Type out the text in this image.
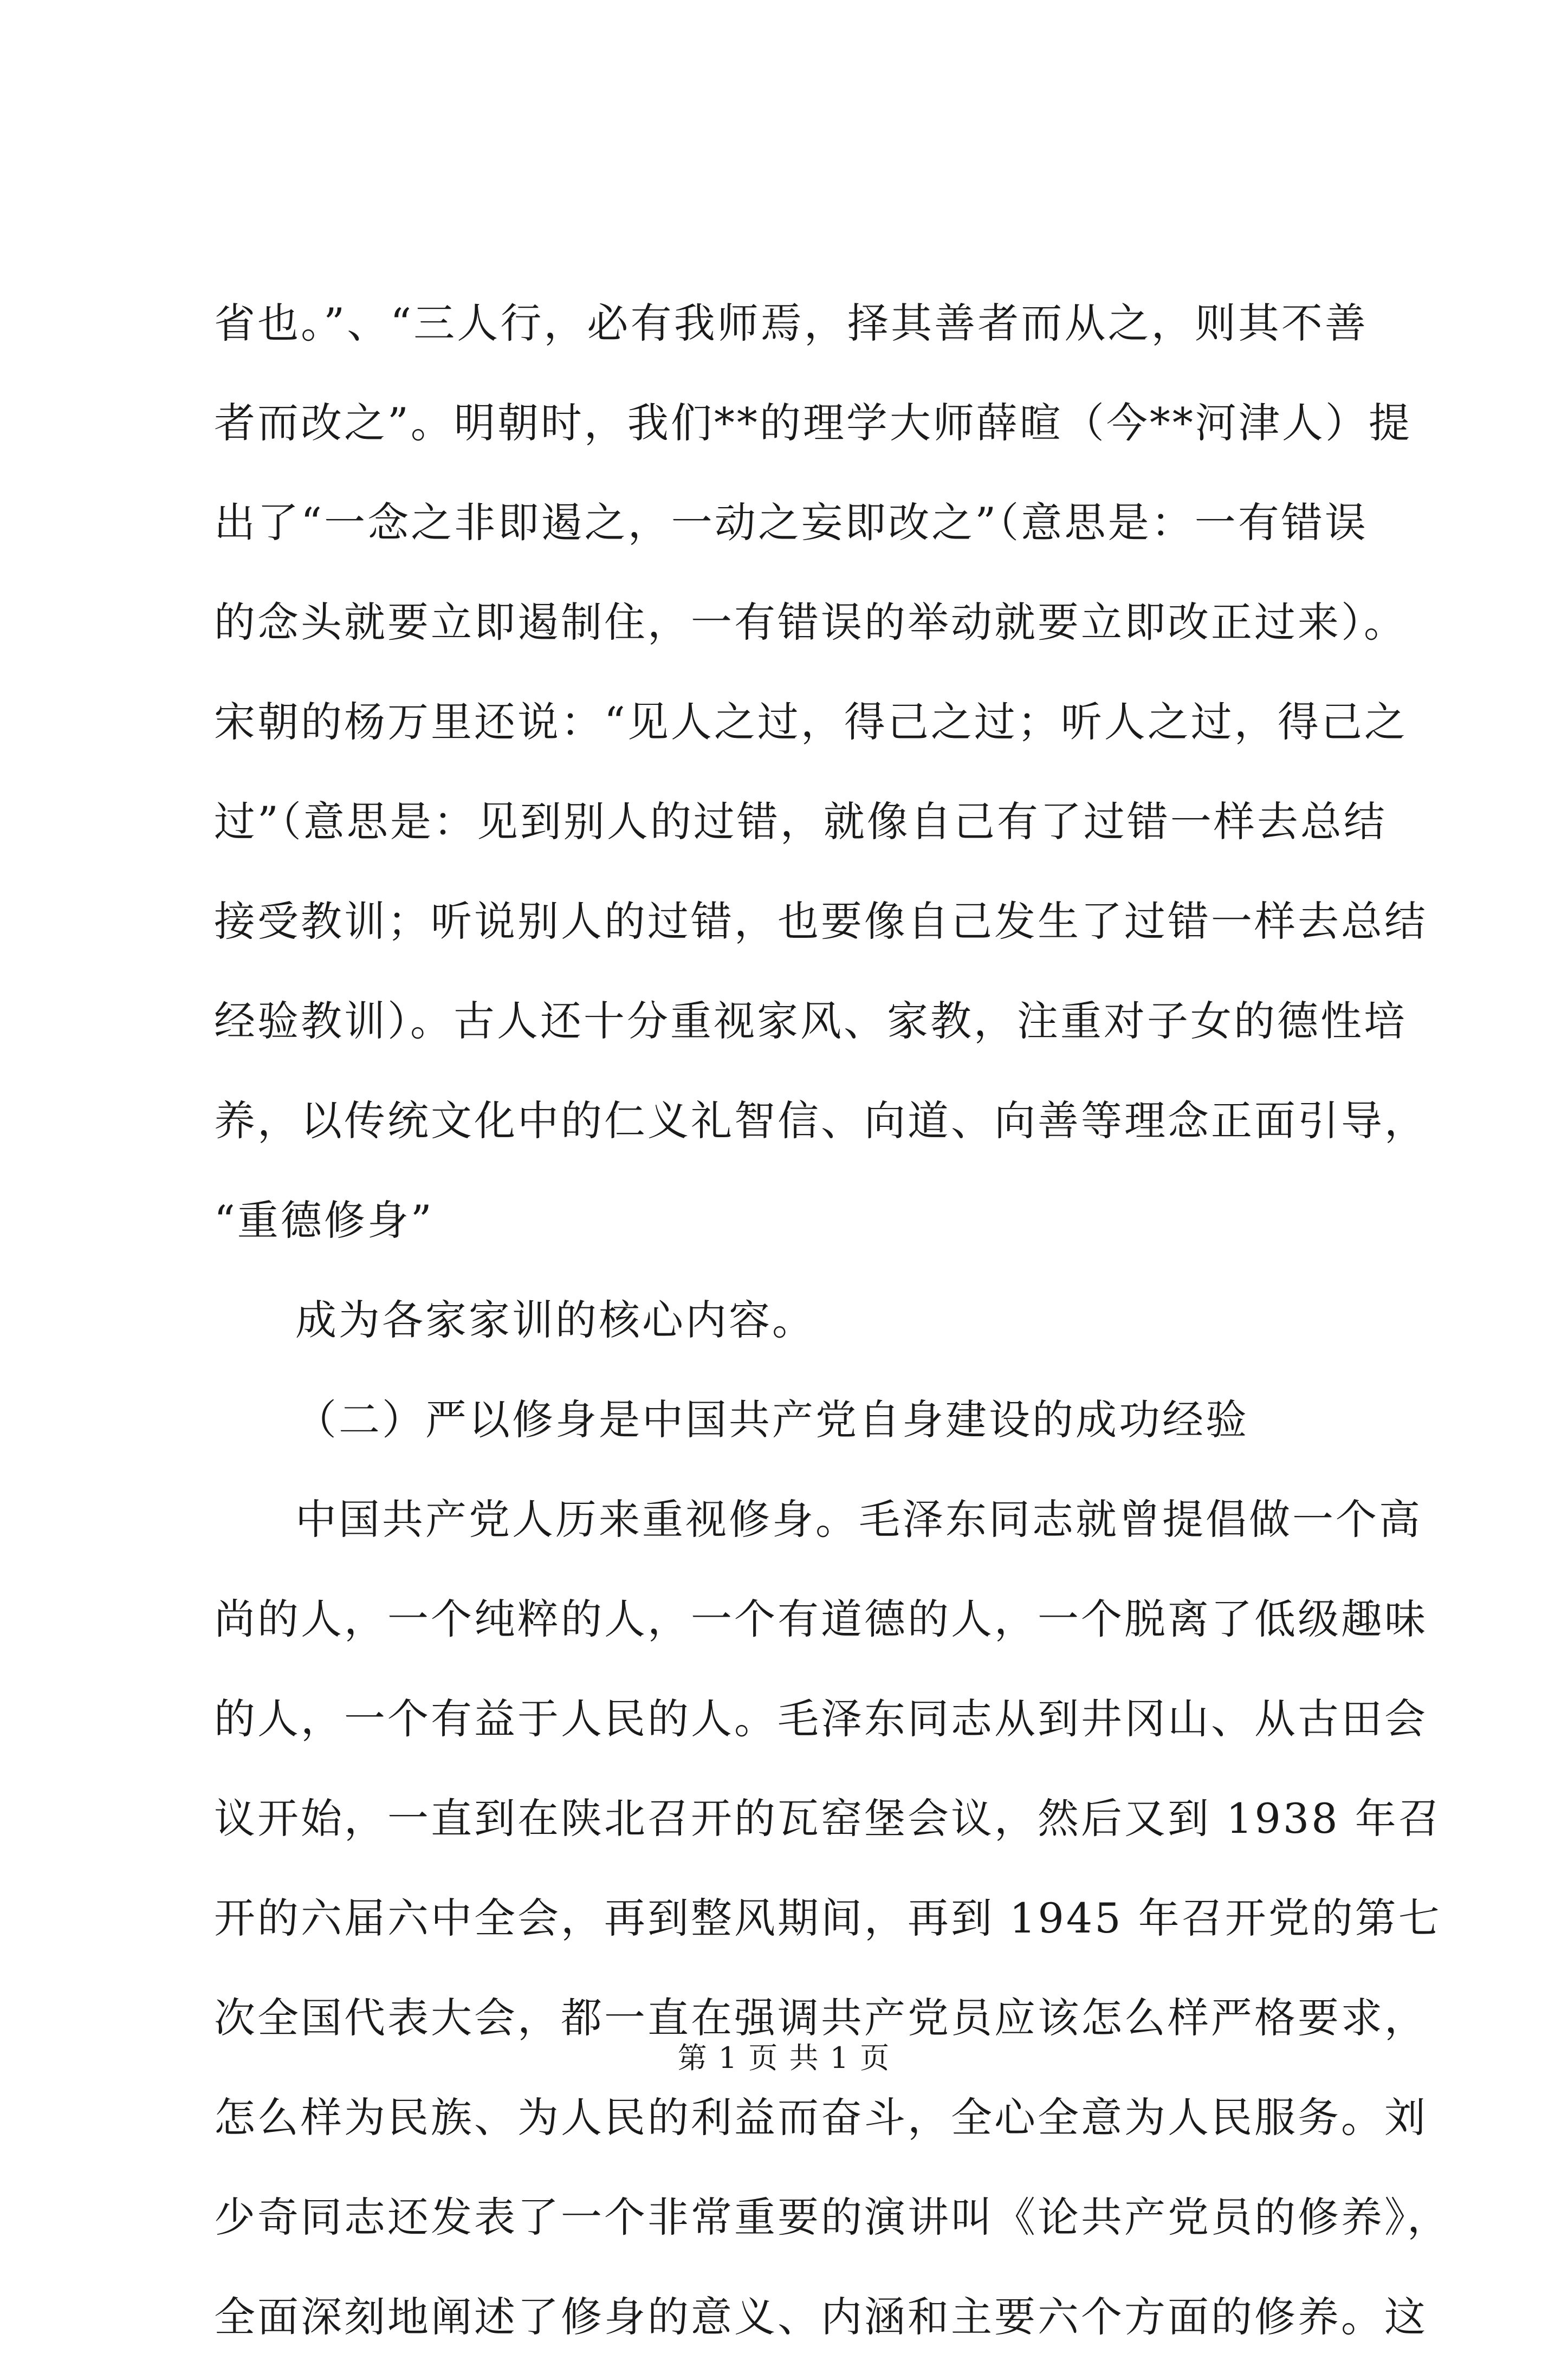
省也。”、“三人行，必有我师焉，择其善者而从之，则其不善
者而改之”。明朝时，我们**的理学大师薛暄（今**河津人）提
出了“一念之非即遏之，一动之妄即改之”（意思是：一有错误
的念头就要立即遏制住，一有错误的举动就要立即改正过来）。
宋朝的杨万里还说：“见人之过，得己之过；听人之过，得己之
过”（意思是：见到别人的过错，就像自己有了过错一样去总结
接受教训；听说别人的过错，也要像自己发生了过错一样去总结
经验教训）。古人还十分重视家风、家教，注重对子女的德性培
养，以传统文化中的仁义礼智信、向道、向善等理念正面引导，
“重德修身”
成为各家家训的核心内容。
（二）严以修身是中国共产党自身建设的成功经验
中国共产党人历来重视修身。毛泽东同志就曾提倡做一个高
尚的人，一个纯粹的人，一个有道德的人，一个脱离了低级趣味
的人，一个有益于人民的人。毛泽东同志从到井冈山、从古田会
议开始，一直到在陕北召开的瓦窑堡会议，然后又到 1938 年召
开的六届六中全会，再到整风期间，再到 1945 年召开党的第七
次全国代表大会，都一直在强调共产党员应该怎么样严格要求，
怎么样为民族、为人民的利益而奋斗，全心全意为人民服务。刘
少奇同志还发表了一个非常重要的演讲叫《论共产党员的修养》，
全面深刻地阐述了修身的意义、内涵和主要六个方面的修养。这
第 1 页 共 1 页
